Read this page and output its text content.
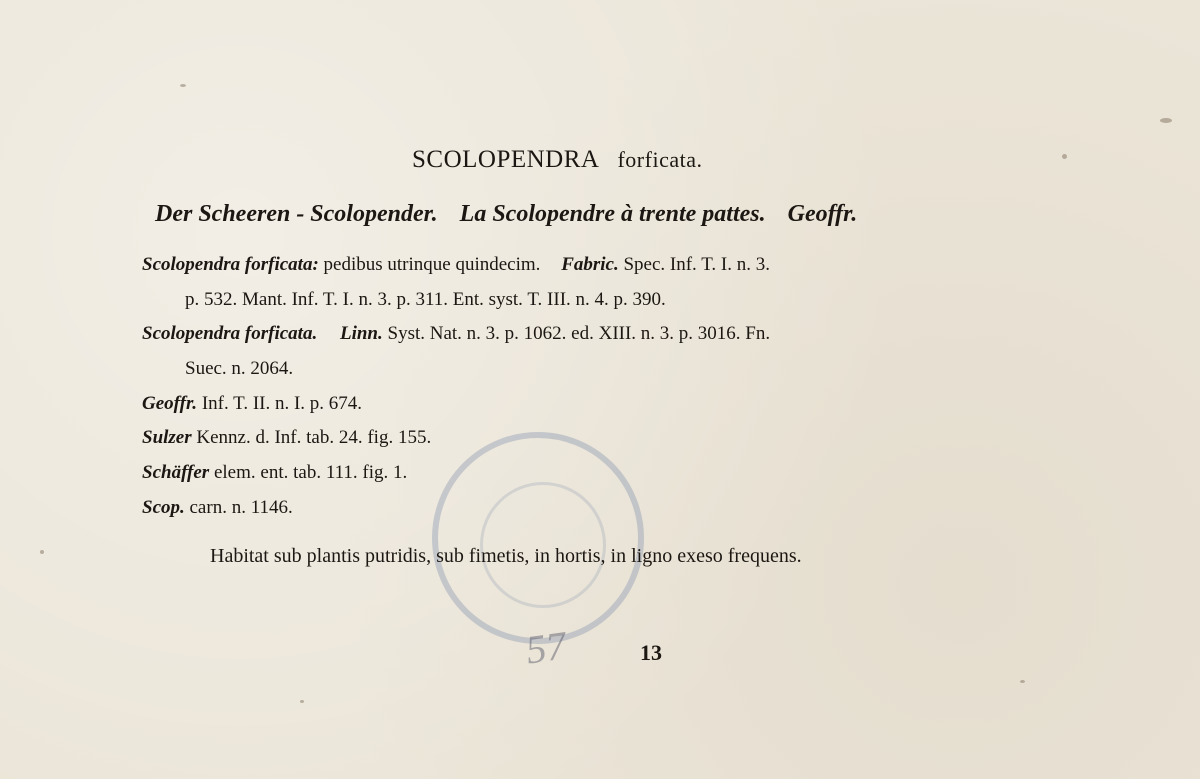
57
SCOLOPENDRA forficata.
Der Scheeren - Scolopender. La Scolopendre à trente pattes. Geoffr.
Scolopendra forficata: pedibus utrinque quindecim. Fabric. Spec. Inf. T. I. n. 3.
p. 532. Mant. Inf. T. I. n. 3. p. 311. Ent. syst. T. III. n. 4. p. 390.
Scolopendra forficata. Linn. Syst. Nat. n. 3. p. 1062. ed. XIII. n. 3. p. 3016. Fn.
Suec. n. 2064.
Geoffr. Inf. T. II. n. I. p. 674.
Sulzer Kennz. d. Inf. tab. 24. fig. 155.
Schäffer elem. ent. tab. 111. fig. 1.
Scop. carn. n. 1146.
Habitat sub plantis putridis, sub fimetis, in hortis, in ligno exeso frequens.
13
